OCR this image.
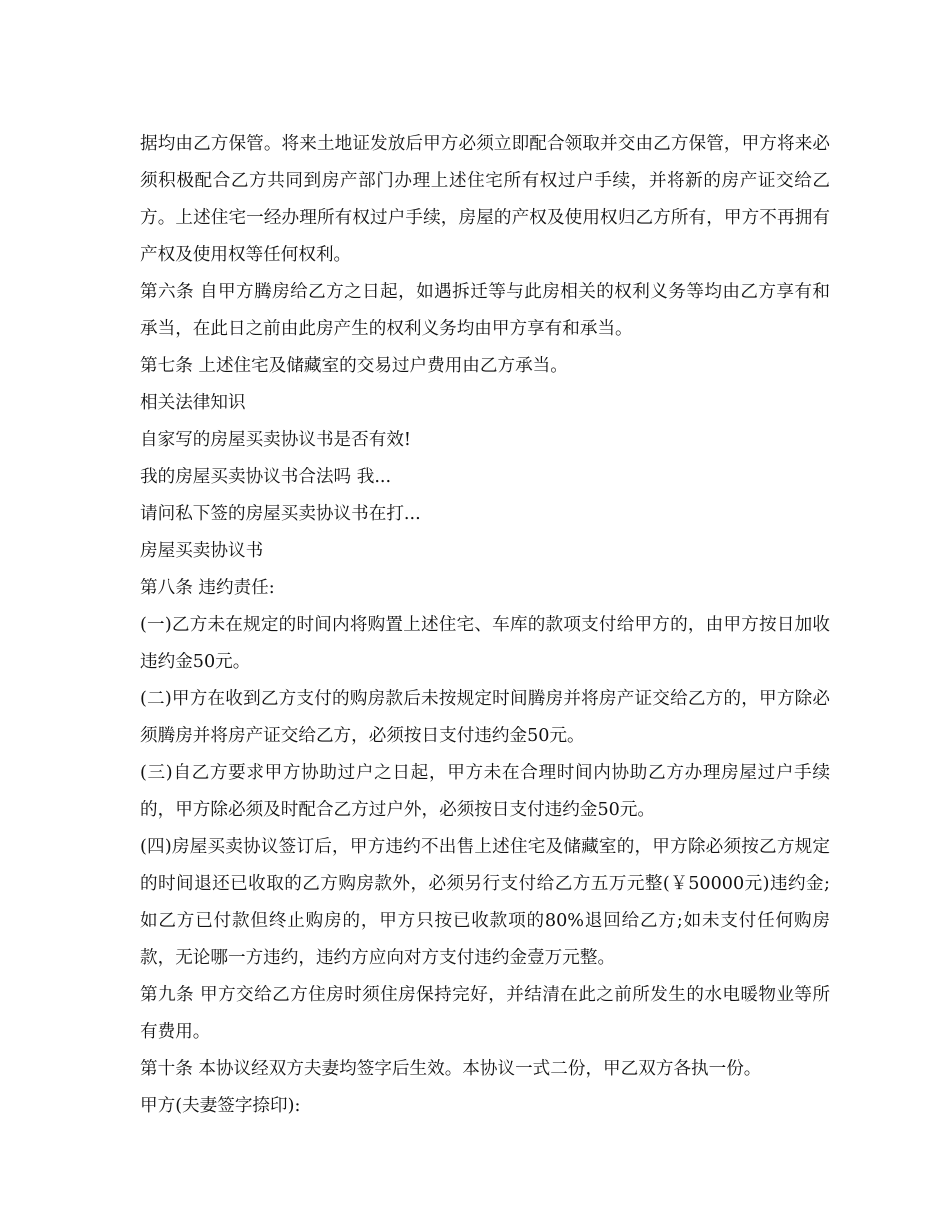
据均由乙方保管。将来土地证发放后甲方必须立即配合领取并交由乙方保管，甲方将来必须积极配合乙方共同到房产部门办理上述住宅所有权过户手续，并将新的房产证交给乙方。上述住宅一经办理所有权过户手续，房屋的产权及使用权归乙方所有，甲方不再拥有产权及使用权等任何权利。

第六条 自甲方腾房给乙方之日起，如遇拆迁等与此房相关的权利义务等均由乙方享有和承当，在此日之前由此房产生的权利义务均由甲方享有和承当。

第七条 上述住宅及储藏室的交易过户费用由乙方承当。

相关法律知识

自家写的房屋买卖协议书是否有效!

我的房屋买卖协议书合法吗 我...

请问私下签的房屋买卖协议书在打...

房屋买卖协议书

第八条 违约责任:

(一)乙方未在规定的时间内将购置上述住宅、车库的款项支付给甲方的，由甲方按日加收违约金50元。

(二)甲方在收到乙方支付的购房款后未按规定时间腾房并将房产证交给乙方的，甲方除必须腾房并将房产证交给乙方，必须按日支付违约金50元。

(三)自乙方要求甲方协助过户之日起，甲方未在合理时间内协助乙方办理房屋过户手续的，甲方除必须及时配合乙方过户外，必须按日支付违约金50元。

(四)房屋买卖协议签订后，甲方违约不出售上述住宅及储藏室的，甲方除必须按乙方规定的时间退还已收取的乙方购房款外，必须另行支付给乙方五万元整(￥50000元)违约金;如乙方已付款但终止购房的，甲方只按已收款项的80%退回给乙方;如未支付任何购房款，无论哪一方违约，违约方应向对方支付违约金壹万元整。

第九条 甲方交给乙方住房时须住房保持完好，并结清在此之前所发生的水电暖物业等所有费用。

第十条 本协议经双方夫妻均签字后生效。本协议一式二份，甲乙双方各执一份。

甲方(夫妻签字捺印):
